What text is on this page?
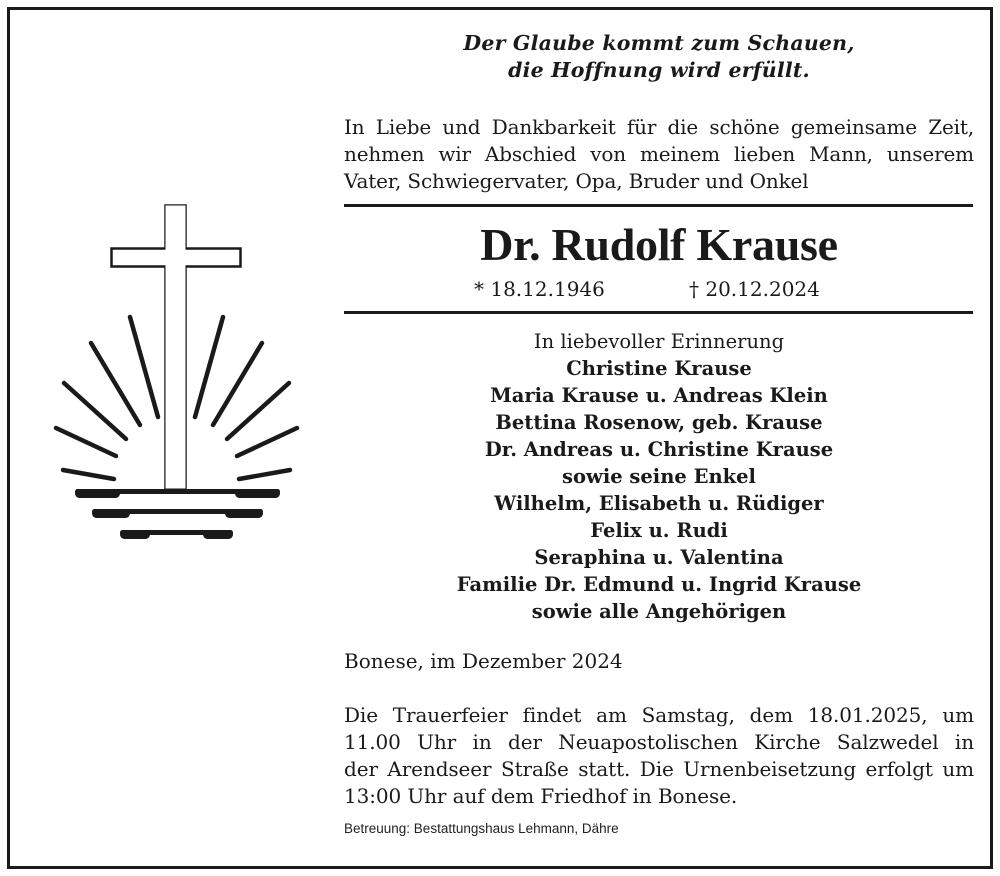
Der Glaube kommt zum Schauen,
die Hoffnung wird erfüllt.
In Liebe und Dankbarkeit für die schöne gemeinsame Zeit,
nehmen wir Abschied von meinem lieben Mann, unserem
Vater, Schwiegervater, Opa, Bruder und Onkel
Dr. Rudolf Krause
* 18.12.1946	† 20.12.2024
In liebevoller Erinnerung
Christine Krause
Maria Krause u. Andreas Klein
Bettina Rosenow, geb. Krause
Dr. Andreas u. Christine Krause
sowie seine Enkel
Wilhelm, Elisabeth u. Rüdiger
Felix u. Rudi
Seraphina u. Valentina
Familie Dr. Edmund u. Ingrid Krause
sowie alle Angehörigen
Bonese, im Dezember 2024
Die Trauerfeier findet am Samstag, dem 18.01.2025, um
11.00 Uhr in der Neuapostolischen Kirche Salzwedel in
der Arendseer Straße statt. Die Urnenbeisetzung erfolgt um
13:00 Uhr auf dem Friedhof in Bonese.
Betreuung: Bestattungshaus Lehmann, Dähre
